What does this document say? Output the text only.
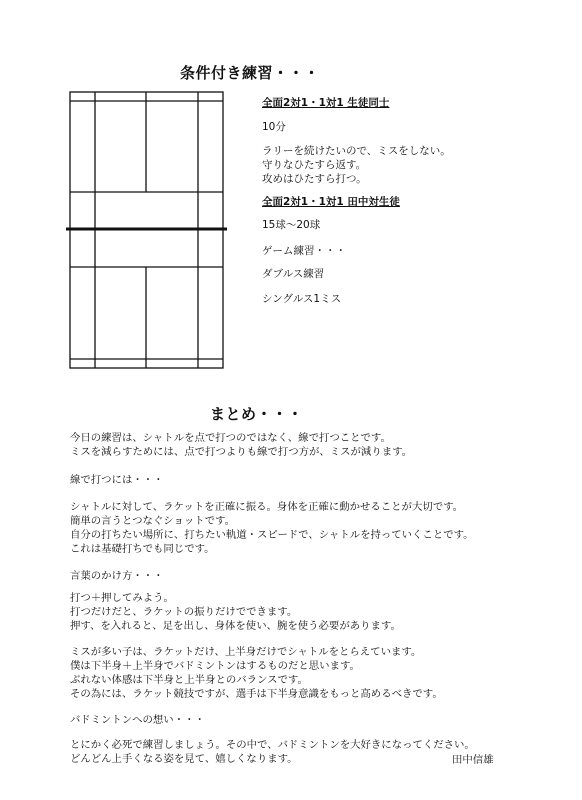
条件付き練習・・・
全面2対1・1対1 生徒同士
10分
ラリーを続けたいので、ミスをしない。
守りなひたすら返す。
攻めはひたすら打つ。
全面2対1・1対1 田中対生徒
15球～20球
ゲーム練習・・・
ダブルス練習
シングルス1ミス
まとめ・・・
今日の練習は、シャトルを点で打つのではなく、線で打つことです。
ミスを減らすためには、点で打つよりも線で打つ方が、ミスが減ります。
線で打つには・・・
シャトルに対して、ラケットを正確に振る。身体を正確に動かせることが大切です。
簡単の言うとつなぐショットです。
自分の打ちたい場所に、打ちたい軌道・スピードで、シャトルを持っていくことです。
これは基礎打ちでも同じです。
言葉のかけ方・・・
打つ＋押してみよう。
打つだけだと、ラケットの振りだけでできます。
押す、を入れると、足を出し、身体を使い、腕を使う必要があります。
ミスが多い子は、ラケットだけ、上半身だけでシャトルをとらえています。
僕は下半身＋上半身でバドミントンはするものだと思います。
ぶれない体感は下半身と上半身とのバランスです。
その為には、ラケット競技ですが、選手は下半身意識をもっと高めるべきです。
バドミントンへの想い・・・
とにかく必死で練習しましょう。その中で、バドミントンを大好きになってください。
どんどん上手くなる姿を見て、嬉しくなります。	田中信雄
